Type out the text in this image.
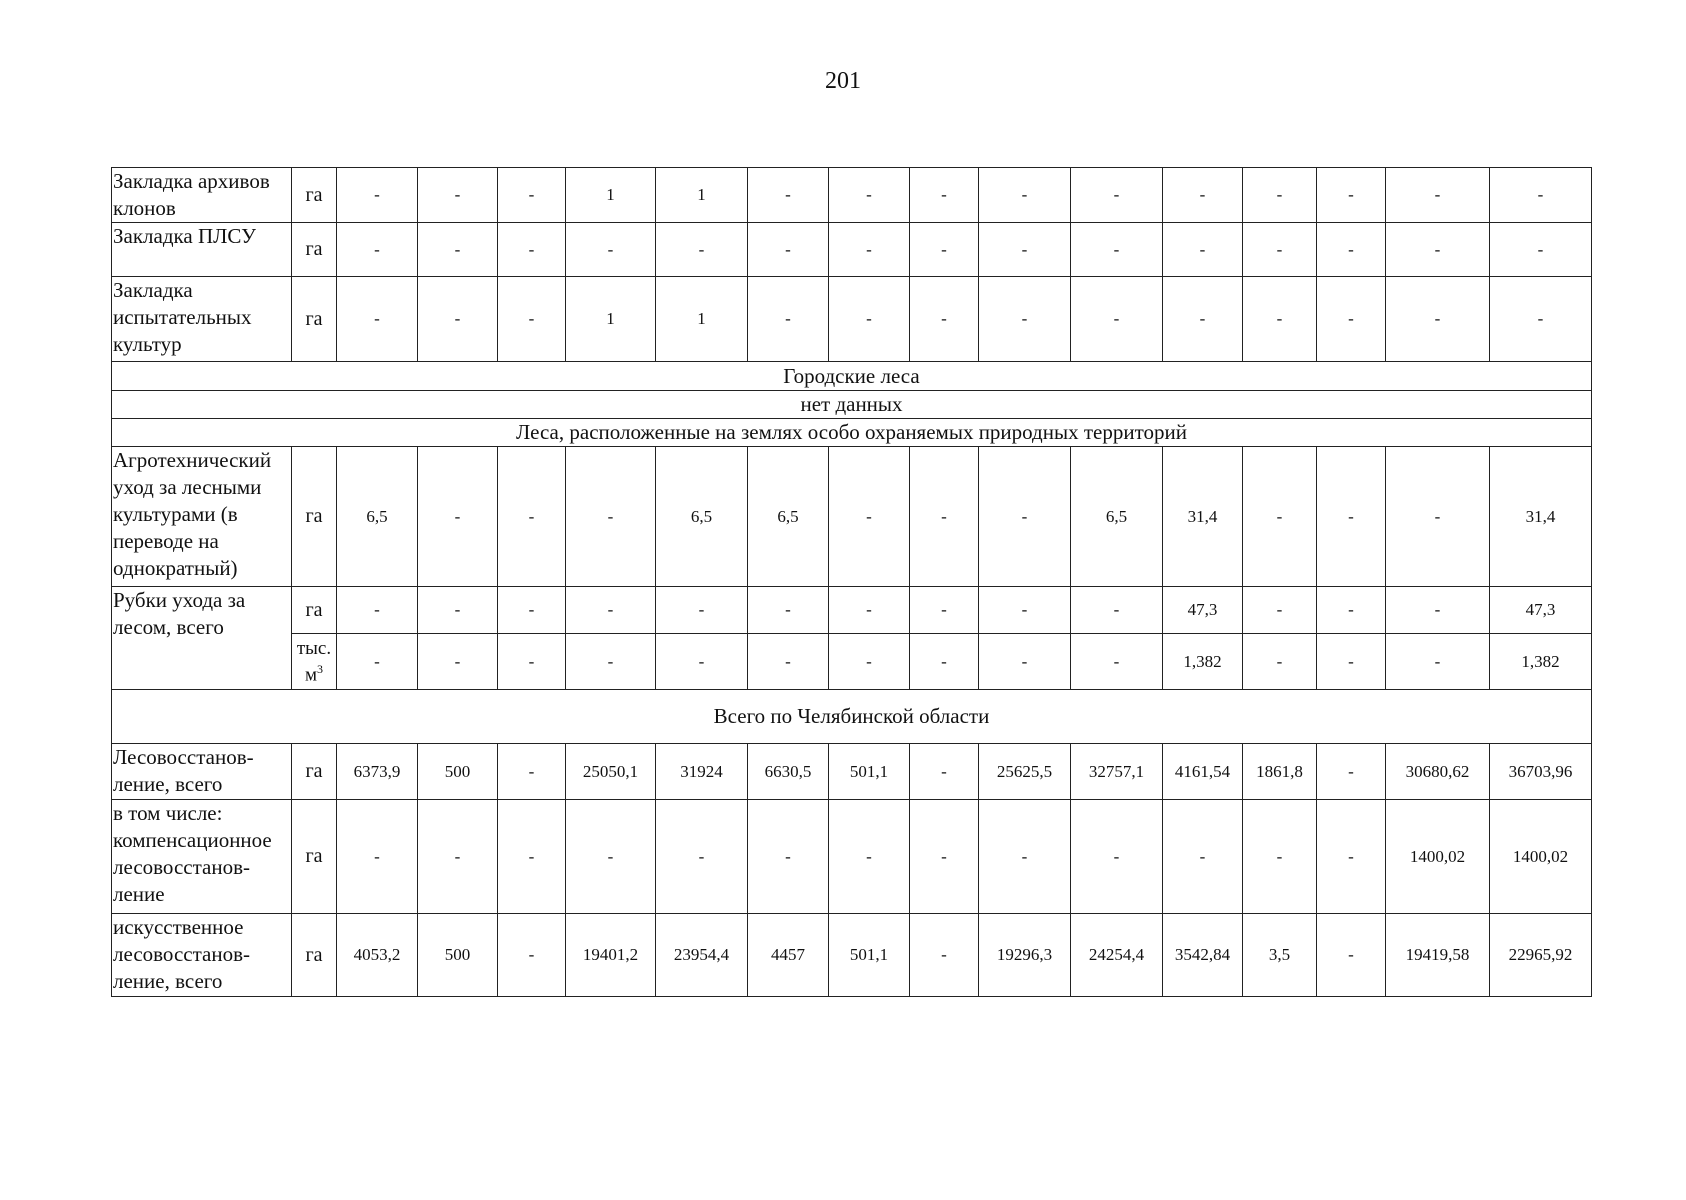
201
Закладка архивов клонов	га	-	-	-	1	1	-	-	-	-	-	-	-	-	-	-
Закладка ПЛСУ	га	-	-	-	-	-	-	-	-	-	-	-	-	-	-	-
Закладка испытательных культур	га	-	-	-	1	1	-	-	-	-	-	-	-	-	-	-
Городские леса																
нет данных																
Леса, расположенные на землях особо охраняемых природных территорий																
Агротехнический уход за лесными культурами (в переводе на однократный)	га	6,5	-	-	-	6,5	6,5	-	-	-	6,5	31,4	-	-	-	31,4
Рубки ухода за лесом, всего	га	-	-	-	-	-	-	-	-	-	-	47,3	-	-	-	47,3
	тыс. $м^3$	-	-	-	-	-	-	-	-	-	-	1,382	-	-	-	1,382
Всего по Челябинской области																
Лесовосстанов-ление, всего	га	6373,9	500	-	25050,1	31924	6630,5	501,1	-	25625,5	32757,1	4161,54	1861,8	-	30680,62	36703,96
в том числе: компенсационное лесовосстанов-ление	га	-	-	-	-	-	-	-	-	-	-	-	-	-	1400,02	1400,02
искусственное лесовосстанов-ление, всего	га	4053,2	500	-	19401,2	23954,4	4457	501,1	-	19296,3	24254,4	3542,84	3,5	-	19419,58	22965,92
